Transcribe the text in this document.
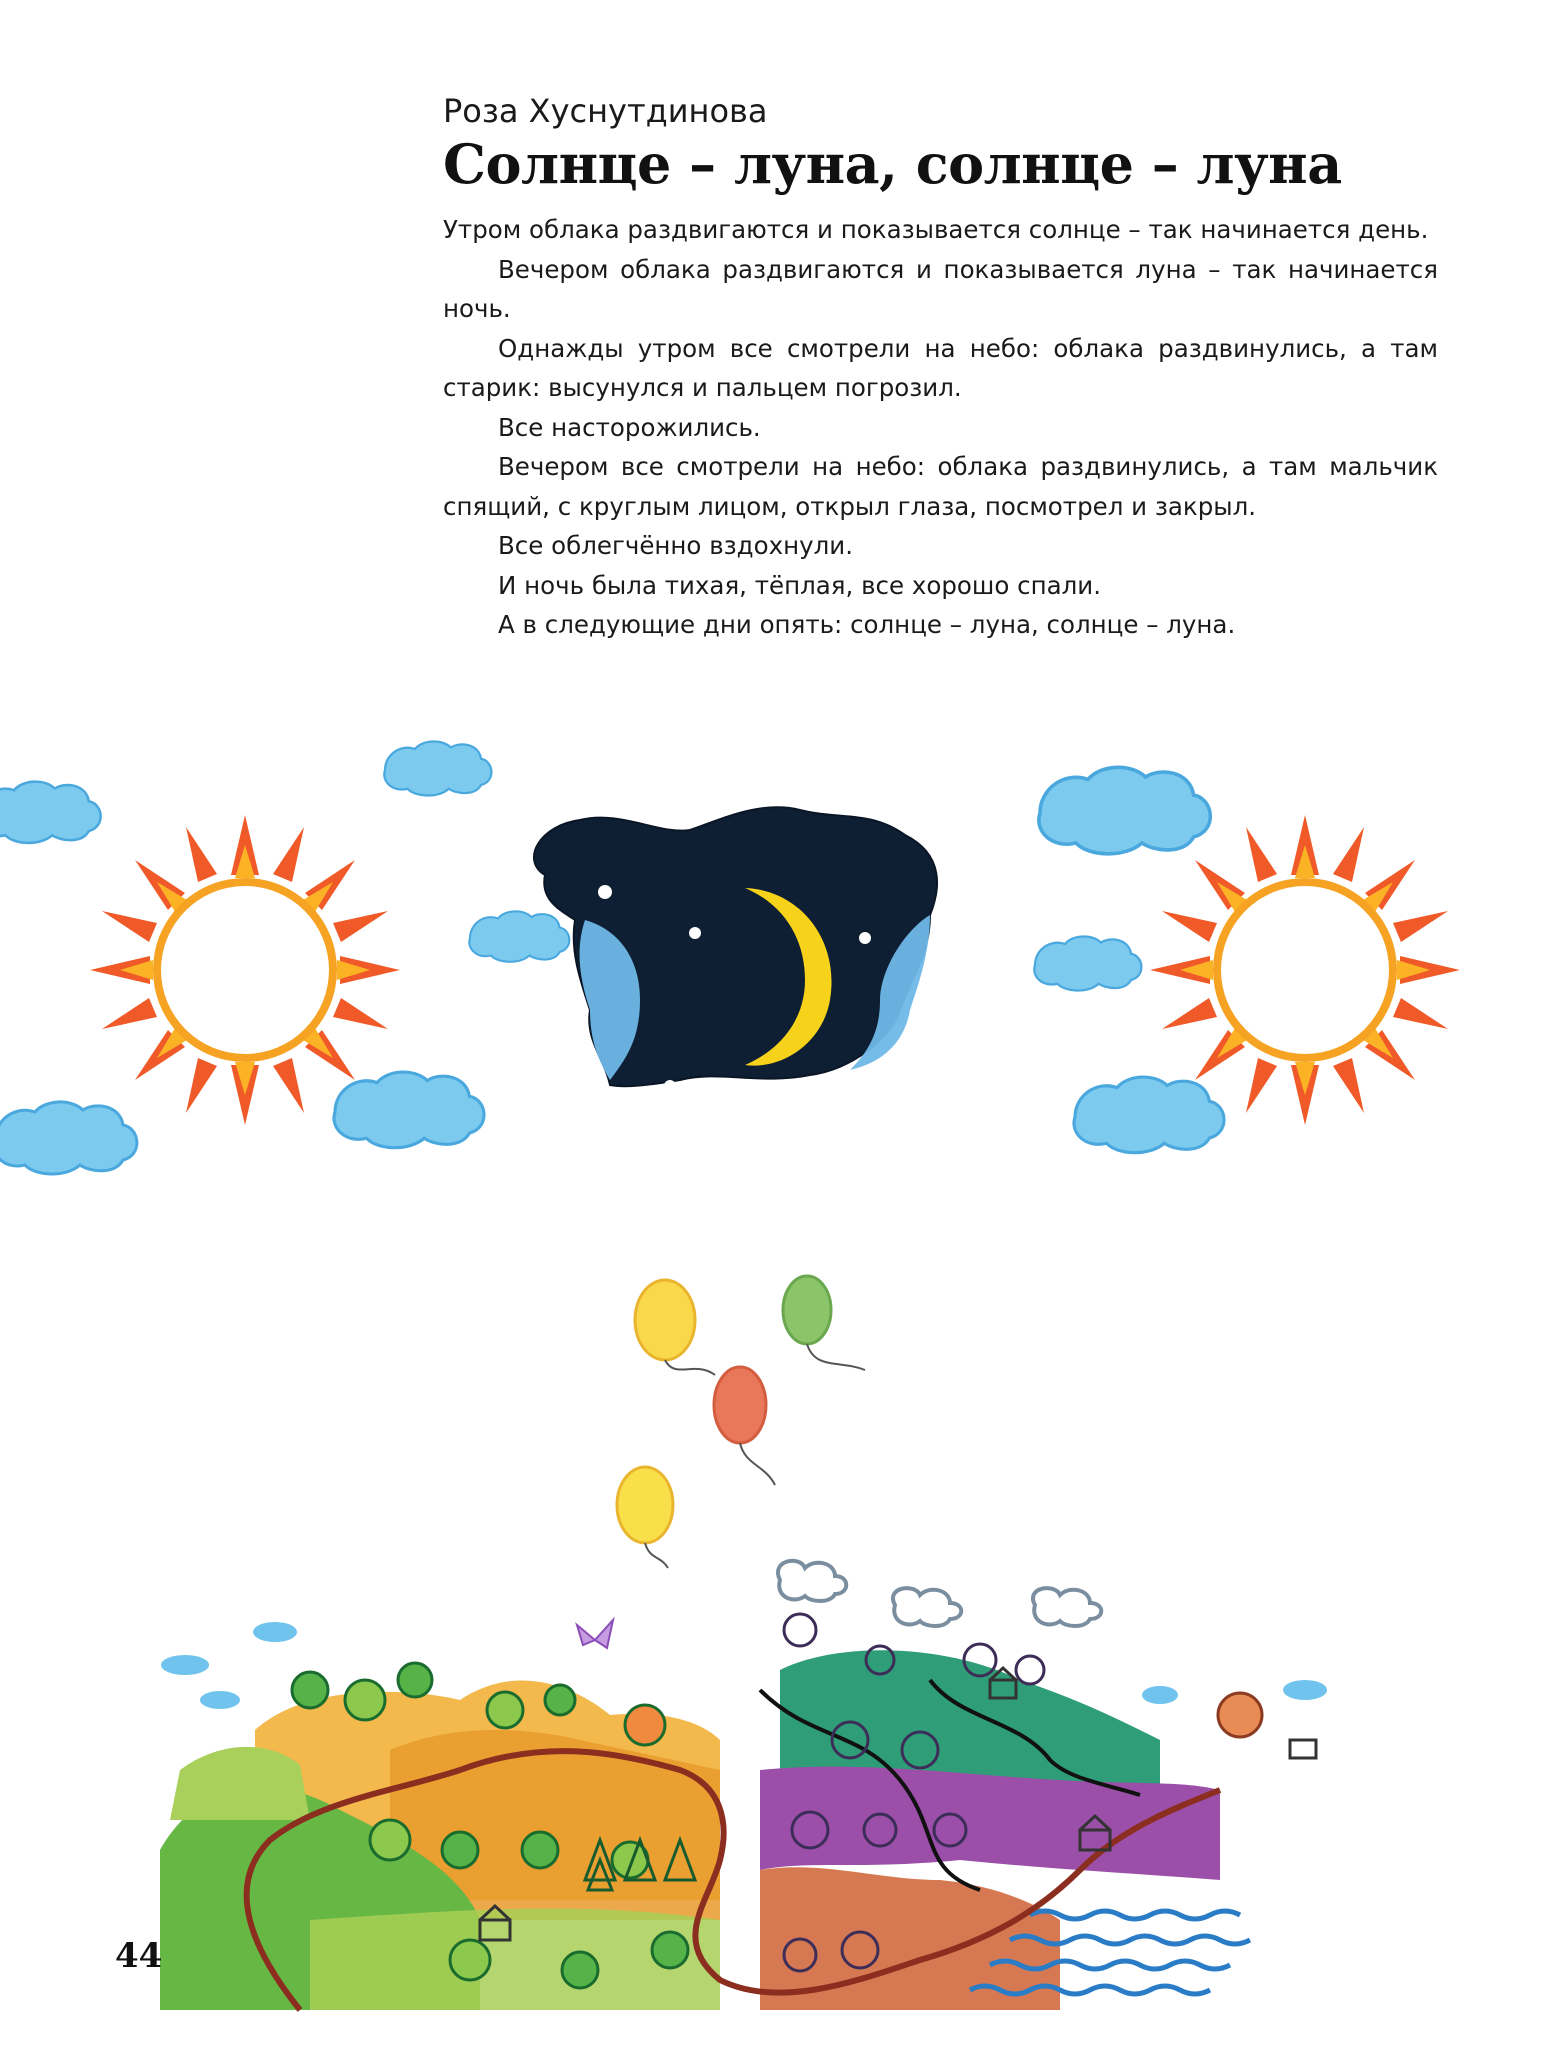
Роза Хуснутдинова
Солнце – луна, солнце – луна

Утром облака раздвигаются и показывается солнце – так начинается день.

Вечером облака раздвигаются и показывается луна – так начинается ночь.

Однажды утром все смотрели на небо: облака раздвинулись, а там старик: высунулся и пальцем погрозил.

Все насторожились.

Вечером все смотрели на небо: облака раздвинулись, а там мальчик спящий, с круглым лицом, открыл глаза, посмотрел и закрыл.

Все облегчённо вздохнули.

И ночь была тихая, тёплая, все хорошо спали.

А в следующие дни опять: солнце – луна, солнце – луна.

44
